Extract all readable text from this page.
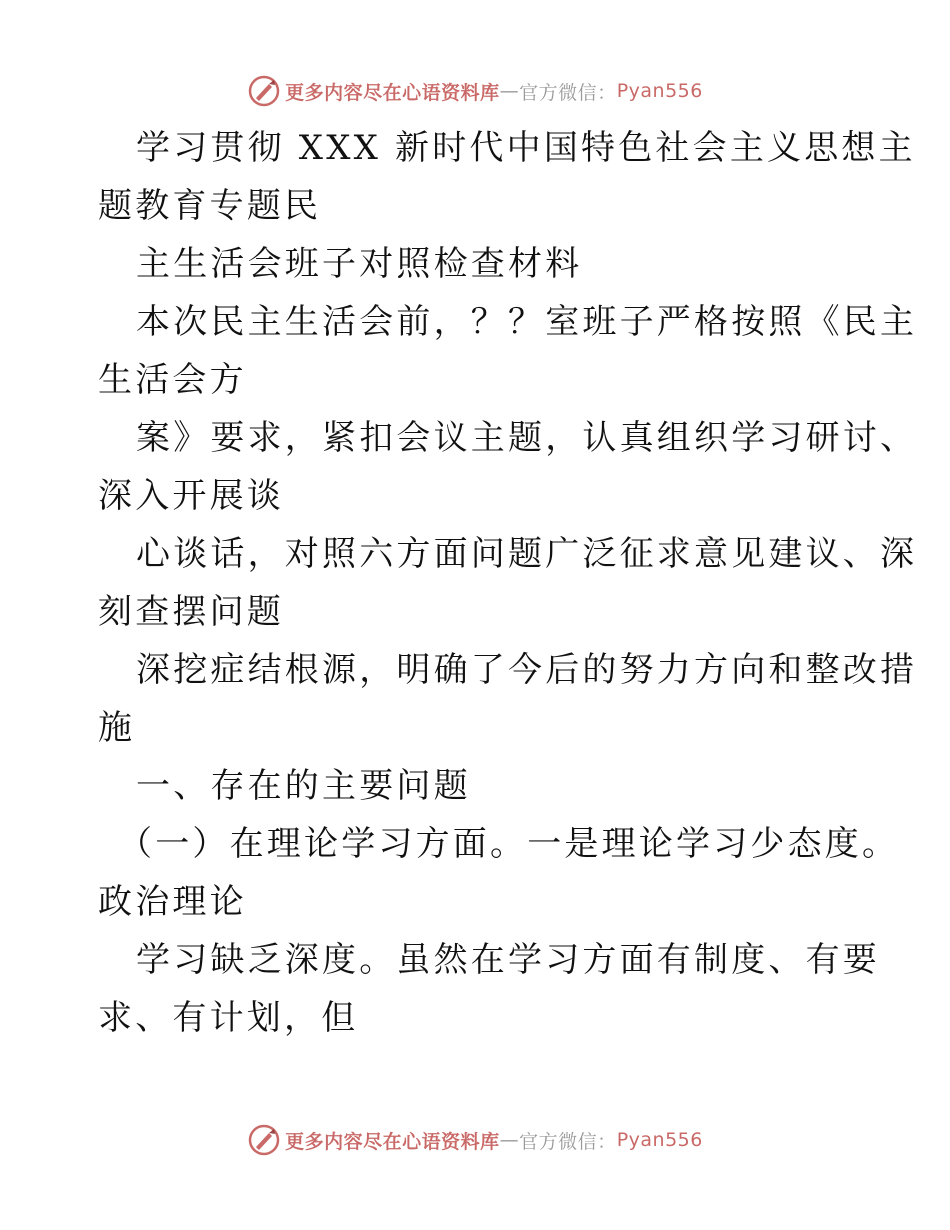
更多内容尽在心语资料库 — 官方微信： Pyan556
学习贯彻 XXX 新时代中国特色社会主义思想主
题教育专题民
主生活会班子对照检查材料
本次民主生活会前，？？室班子严格按照《民主
生活会方
案》要求，紧扣会议主题，认真组织学习研讨、
深入开展谈
心谈话，对照六方面问题广泛征求意见建议、深
刻查摆问题
深挖症结根源，明确了今后的努力方向和整改措
施
一、存在的主要问题
（一）在理论学习方面。一是理论学习少态度。
政治理论
学习缺乏深度。虽然在学习方面有制度、有要
求、有计划，但
更多内容尽在心语资料库 — 官方微信： Pyan556
